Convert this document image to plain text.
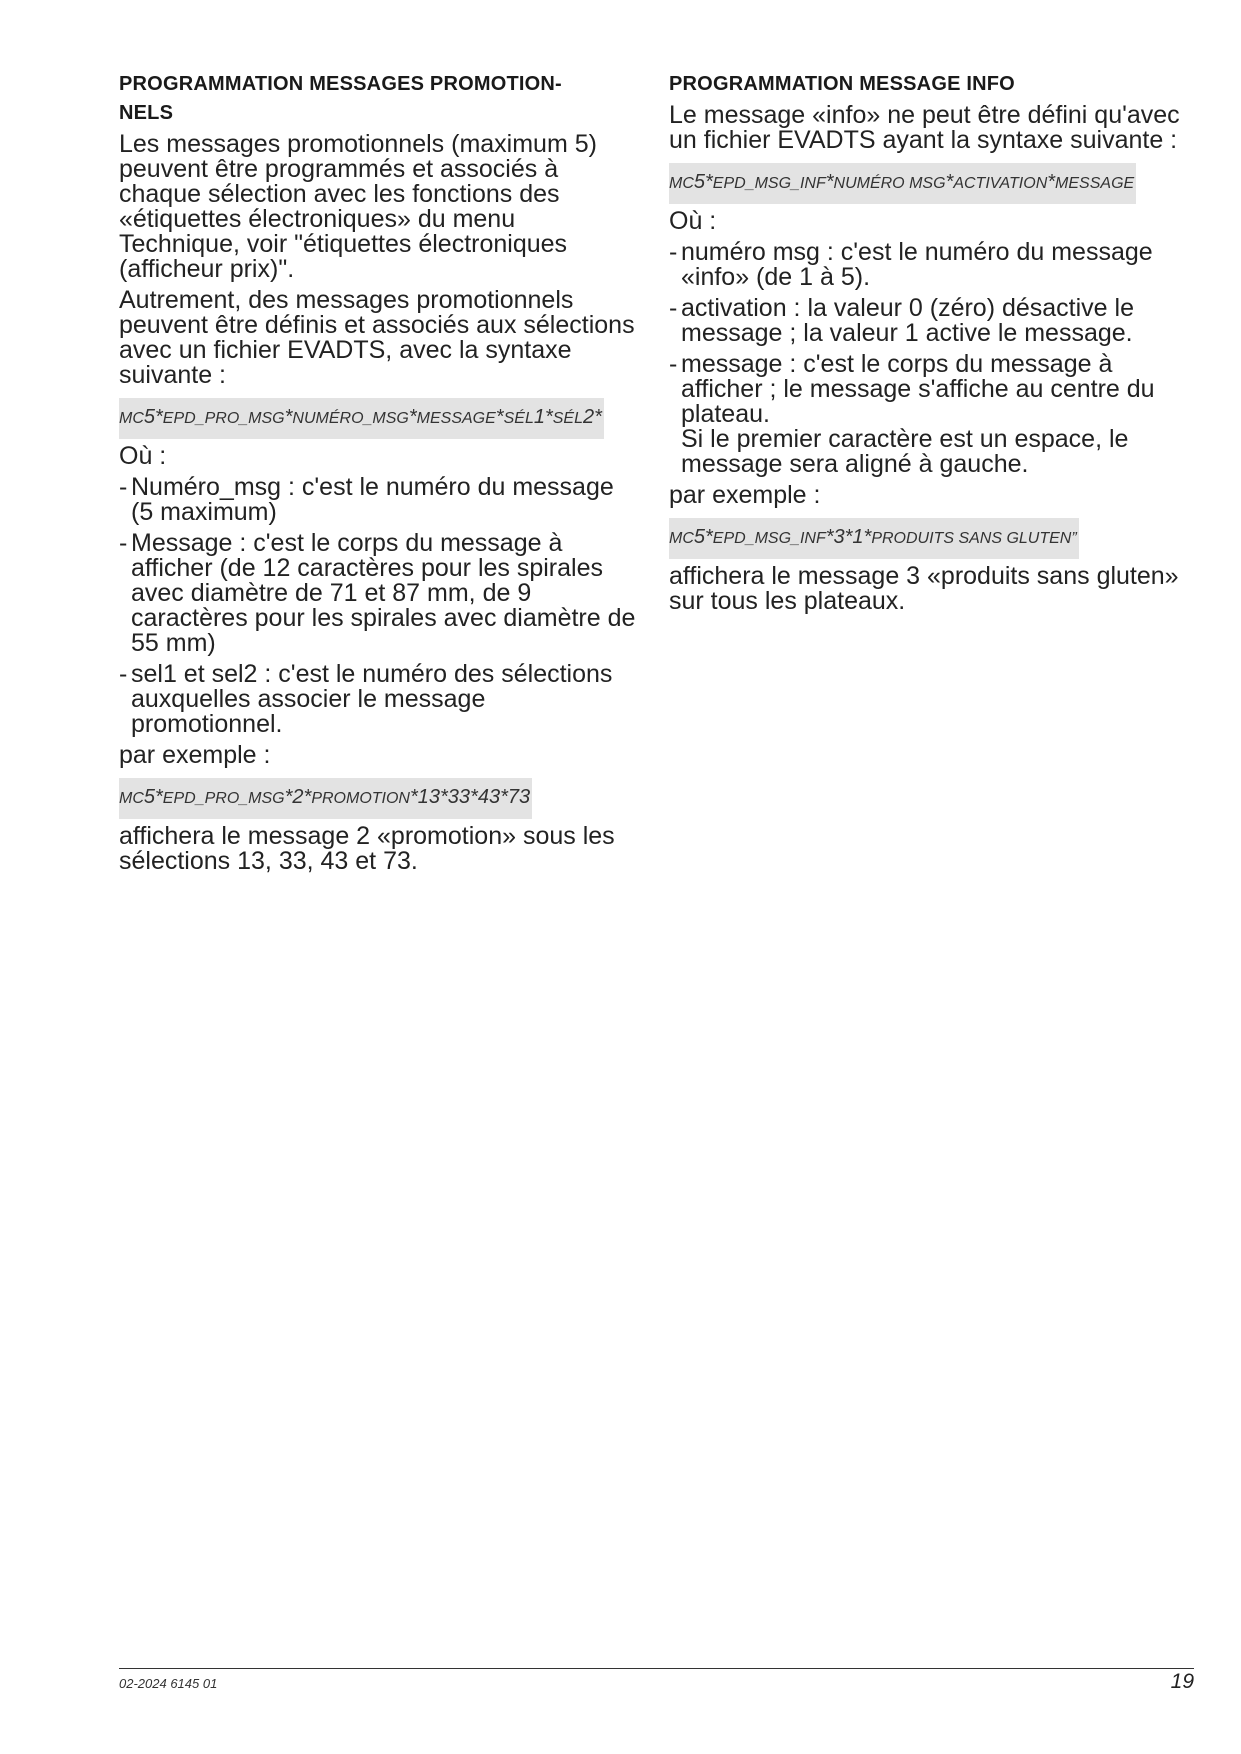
PROGRAMMATION MESSAGES PROMOTION-
NELS

Les messages promotionnels (maximum 5) peuvent être programmés et associés à chaque sélection avec les fonctions des «étiquettes électroniques» du menu Technique, voir "étiquettes électroniques (afficheur prix)".

Autrement, des messages promotionnels peuvent être définis et associés aux sélections avec un fichier EVADTS, avec la syntaxe suivante :

MC5*EPD_PRO_MSG*NUMÉRO_MSG*MESSAGE*SÉL1*SÉL2*

Où :

- Numéro_msg : c'est le numéro du message (5 maximum)
- Message : c'est le corps du message à afficher (de 12 caractères pour les spirales avec diamètre de 71 et 87 mm, de 9 caractères pour les spirales avec diamètre de 55 mm)
- sel1 et sel2 : c'est le numéro des sélections auxquelles associer le message promotionnel.

par exemple :

MC5*EPD_PRO_MSG*2*PROMOTION*13*33*43*73

affichera le message 2 «promotion» sous les sélections 13, 33, 43 et 73.

PROGRAMMATION MESSAGE INFO

Le message «info» ne peut être défini qu'avec un fichier EVADTS ayant la syntaxe suivante :

MC5*EPD_MSG_INF*NUMÉRO MSG*ACTIVATION*MESSAGE

Où :

- numéro msg : c'est le numéro du message «info» (de 1 à 5).
- activation : la valeur 0 (zéro) désactive le message ; la valeur 1 active le message.
- message : c'est le corps du message à afficher ; le message s'affiche au centre du plateau.
Si le premier caractère est un espace, le message sera aligné à gauche.

par exemple :

MC5*EPD_MSG_INF*3*1*PRODUITS SANS GLUTEN”

affichera le message 3 «produits sans gluten» sur tous les plateaux.

02-2024 6145 01	19
